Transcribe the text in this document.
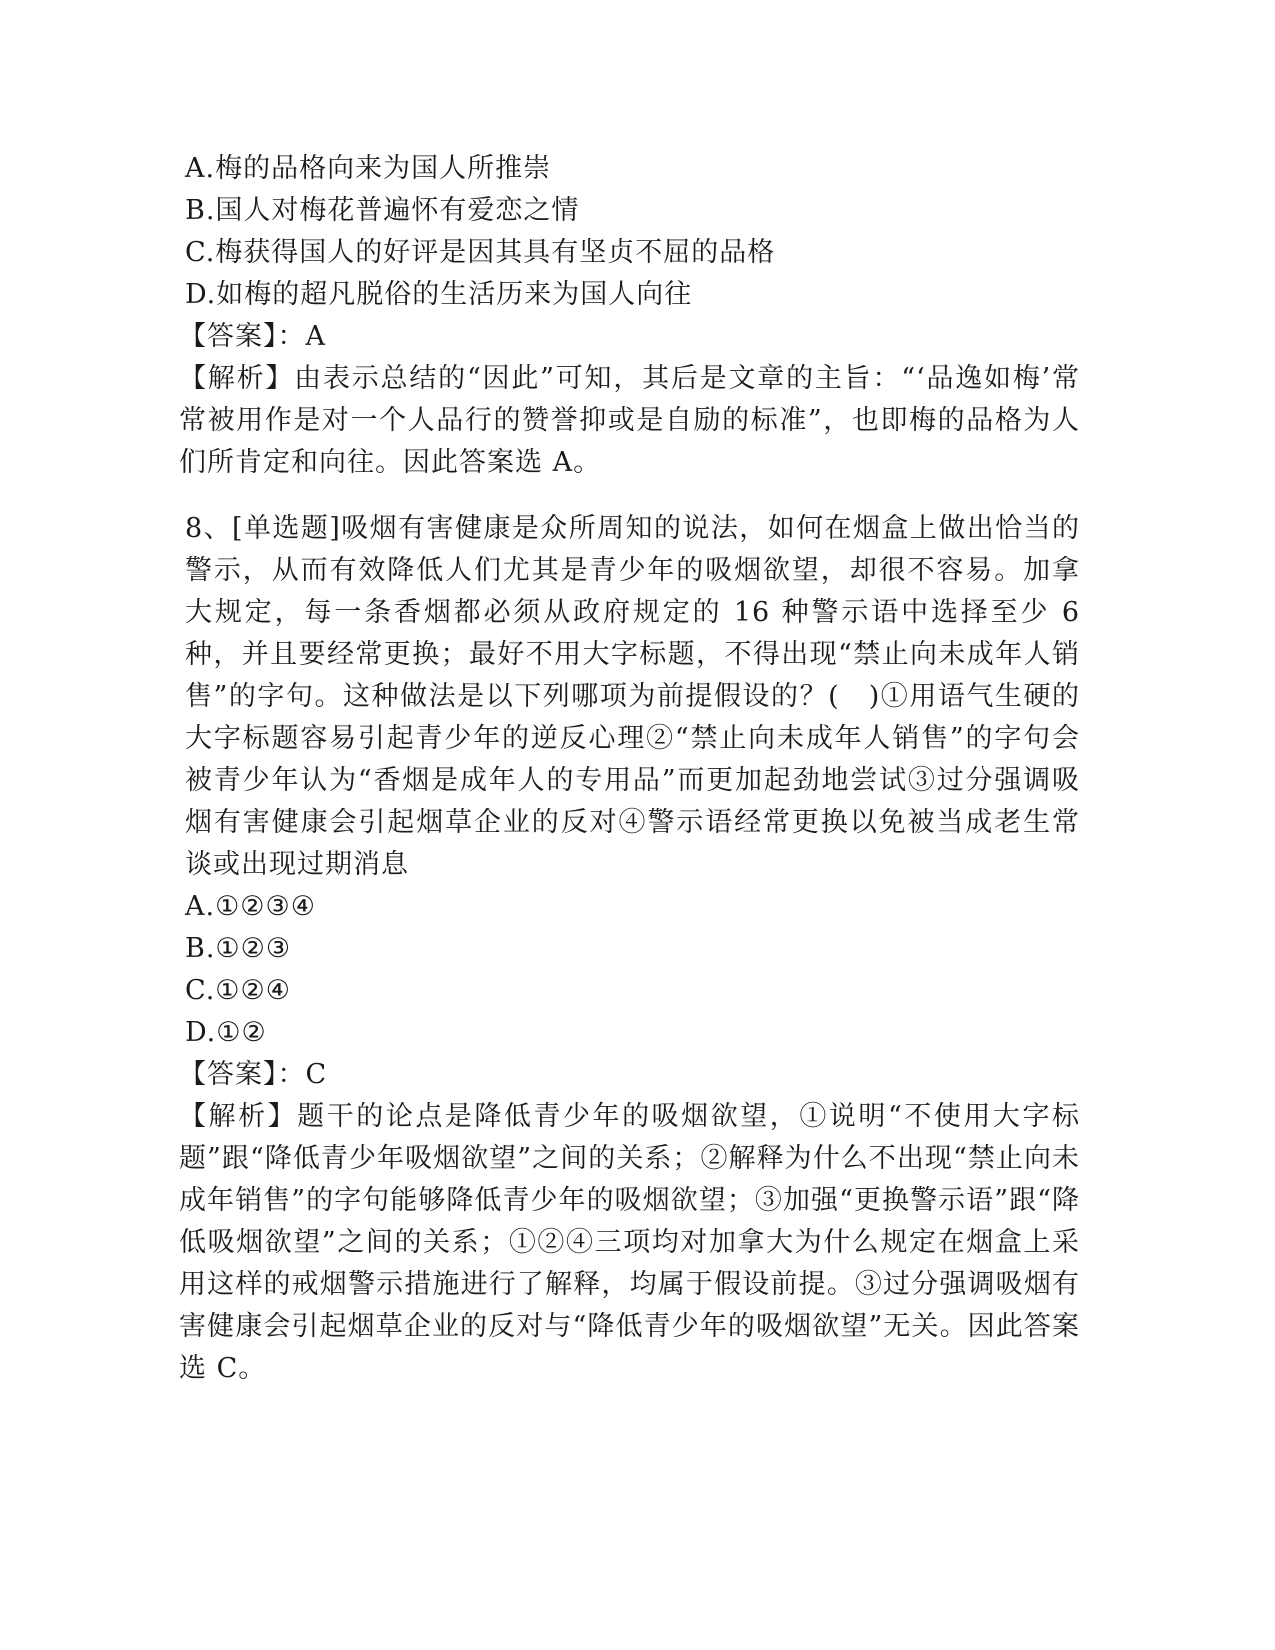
A.梅的品格向来为国人所推崇
B.国人对梅花普遍怀有爱恋之情
C.梅获得国人的好评是因其具有坚贞不屈的品格
D.如梅的超凡脱俗的生活历来为国人向往
【答案】：A
【解析】由表示总结的“因此”可知，其后是文章的主旨：“‘品逸如梅’常常被用作是对一个人品行的赞誉抑或是自励的标准”，也即梅的品格为人们所肯定和向往。因此答案选 A。
8、[单选题]吸烟有害健康是众所周知的说法，如何在烟盒上做出恰当的警示，从而有效降低人们尤其是青少年的吸烟欲望，却很不容易。加拿大规定，每一条香烟都必须从政府规定的 16 种警示语中选择至少 6 种，并且要经常更换；最好不用大字标题，不得出现“禁止向未成年人销售”的字句。这种做法是以下列哪项为前提假设的？(　)①用语气生硬的大字标题容易引起青少年的逆反心理②“禁止向未成年人销售”的字句会被青少年认为“香烟是成年人的专用品”而更加起劲地尝试③过分强调吸烟有害健康会引起烟草企业的反对④警示语经常更换以免被当成老生常谈或出现过期消息
A.①②③④
B.①②③
C.①②④
D.①②
【答案】：C
【解析】题干的论点是降低青少年的吸烟欲望，①说明“不使用大字标题”跟“降低青少年吸烟欲望”之间的关系；②解释为什么不出现“禁止向未成年销售”的字句能够降低青少年的吸烟欲望；③加强“更换警示语”跟“降低吸烟欲望”之间的关系；①②④三项均对加拿大为什么规定在烟盒上采用这样的戒烟警示措施进行了解释，均属于假设前提。③过分强调吸烟有害健康会引起烟草企业的反对与“降低青少年的吸烟欲望”无关。因此答案选 C。
